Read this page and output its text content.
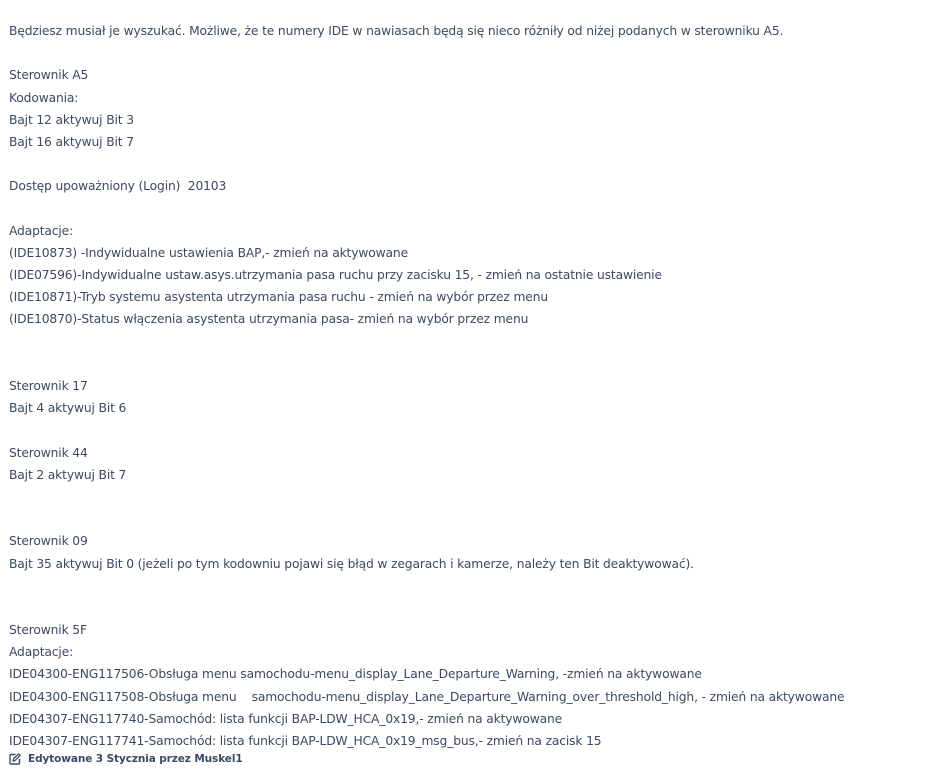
Będziesz musiał je wyszukać. Możliwe, że te numery IDE w nawiasach będą się nieco różniły od niżej podanych w sterowniku A5.
Sterownik A5
Kodowania:
Bajt 12 aktywuj Bit 3
Bajt 16 aktywuj Bit 7
Dostęp upoważniony (Login)  20103
Adaptacje:
(IDE10873) -Indywidualne ustawienia BAP,- zmień na aktywowane
(IDE07596)-Indywidualne ustaw.asys.utrzymania pasa ruchu przy zacisku 15, - zmień na ostatnie ustawienie
(IDE10871)-Tryb systemu asystenta utrzymania pasa ruchu - zmień na wybór przez menu
(IDE10870)-Status włączenia asystenta utrzymania pasa- zmień na wybór przez menu
Sterownik 17
Bajt 4 aktywuj Bit 6
Sterownik 44
Bajt 2 aktywuj Bit 7
Sterownik 09
Bajt 35 aktywuj Bit 0 (jeżeli po tym kodowniu pojawi się błąd w zegarach i kamerze, należy ten Bit deaktywować).
Sterownik 5F
Adaptacje:
IDE04300-ENG117506-Obsługa menu samochodu-menu_display_Lane_Departure_Warning, -zmień na aktywowane
IDE04300-ENG117508-Obsługa menu    samochodu-menu_display_Lane_Departure_Warning_over_threshold_high, - zmień na aktywowane
IDE04307-ENG117740-Samochód: lista funkcji BAP-LDW_HCA_0x19,- zmień na aktywowane
IDE04307-ENG117741-Samochód: lista funkcji BAP-LDW_HCA_0x19_msg_bus,- zmień na zacisk 15
Edytowane 3 Stycznia przez Muskel1
